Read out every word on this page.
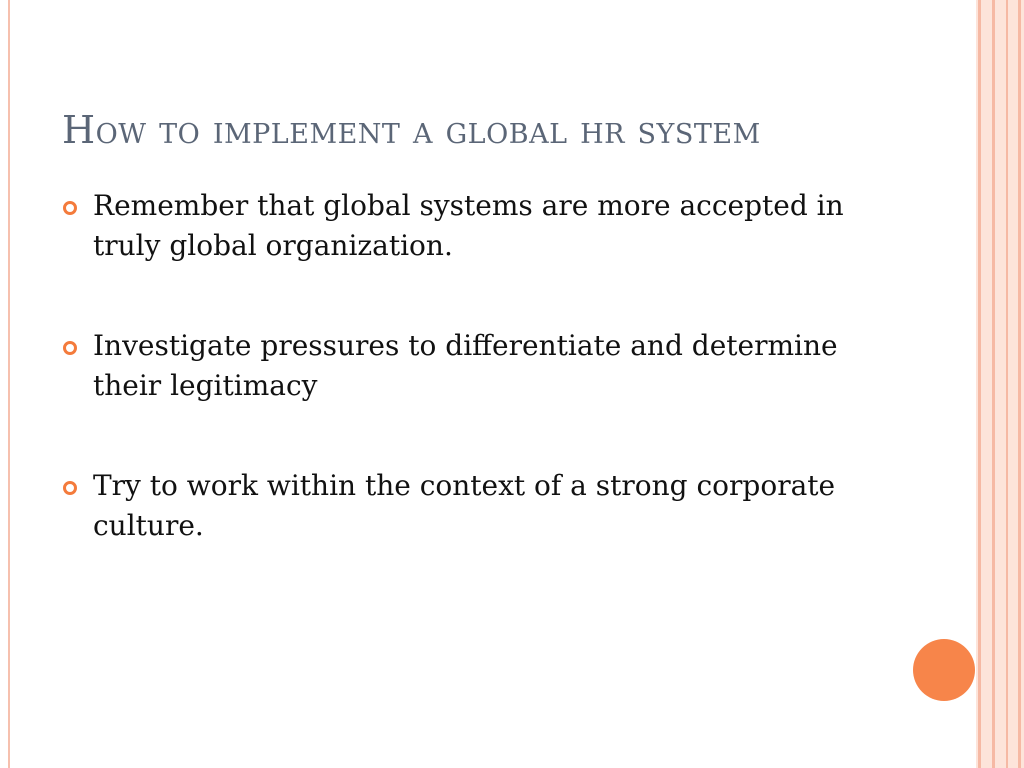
How to implement a global hr system
Remember that global systems are more accepted in truly global organization.
Investigate pressures to differentiate and determine their legitimacy
Try to work within the context of a strong corporate culture.
